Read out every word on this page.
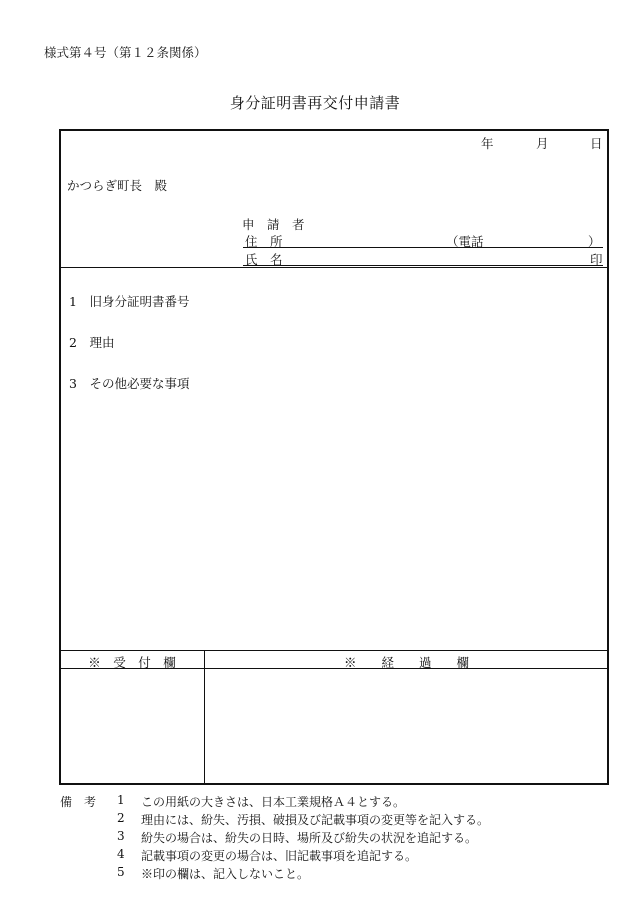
様式第４号（第１２条関係）
身分証明書再交付申請書
年	月	日
かつらぎ町長　殿
申　請　者
住　所	（電話	）
氏　名	印
1　旧身分証明書番号
2　理由
3　その他必要な事項
※　受　付　欄	※　　経　　過　　欄
備　考 1 この用紙の大きさは、日本工業規格Ａ４とする。
2 理由には、紛失、汚損、破損及び記載事項の変更等を記入する。
3 紛失の場合は、紛失の日時、場所及び紛失の状況を追記する。
4 記載事項の変更の場合は、旧記載事項を追記する。
5 ※印の欄は、記入しないこと。
